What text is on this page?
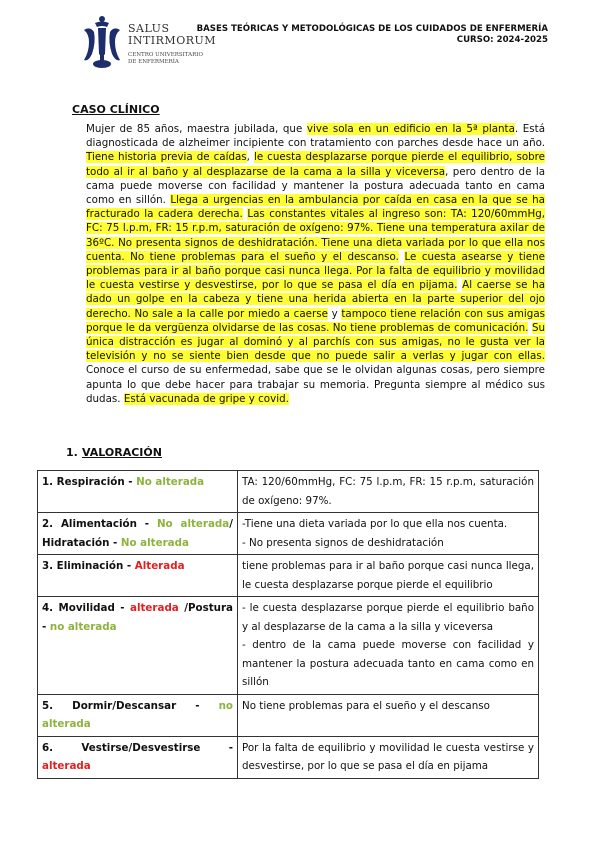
SALUS
INTIRMORUM
CENTRO UNIVERSITARIO
DE ENFERMERÍA
BASES TEÓRICAS Y METODOLÓGICAS DE LOS CUIDADOS DE ENFERMERÍA
CURSO: 2024-2025
CASO CLÍNICO
Mujer de 85 años, maestra jubilada, que vive sola en un edificio en la 5ª planta. Está diagnosticada de alzheimer incipiente con tratamiento con parches desde hace un año. Tiene historia previa de caídas, le cuesta desplazarse porque pierde el equilibrio, sobre todo al ir al baño y al desplazarse de la cama a la silla y viceversa, pero dentro de la cama puede moverse con facilidad y mantener la postura adecuada tanto en cama como en sillón. Llega a urgencias en la ambulancia por caída en casa en la que se ha fracturado la cadera derecha. Las constantes vitales al ingreso son: TA: 120/60mmHg, FC: 75 l.p.m, FR: 15 r.p.m, saturación de oxígeno: 97%. Tiene una temperatura axilar de 36ºC. No presenta signos de deshidratación. Tiene una dieta variada por lo que ella nos cuenta. No tiene problemas para el sueño y el descanso. Le cuesta asearse y tiene problemas para ir al baño porque casi nunca llega. Por la falta de equilibrio y movilidad le cuesta vestirse y desvestirse, por lo que se pasa el día en pijama. Al caerse se ha dado un golpe en la cabeza y tiene una herida abierta en la parte superior del ojo derecho. No sale a la calle por miedo a caerse y tampoco tiene relación con sus amigas porque le da vergüenza olvidarse de las cosas. No tiene problemas de comunicación. Su única distracción es jugar al dominó y al parchís con sus amigas, no le gusta ver la televisión y no se siente bien desde que no puede salir a verlas y jugar con ellas. Conoce el curso de su enfermedad, sabe que se le olvidan algunas cosas, pero siempre apunta lo que debe hacer para trabajar su memoria. Pregunta siempre al médico sus dudas. Está vacunada de gripe y covid.
1. VALORACIÓN
1. Respiración - No alterada	TA: 120/60mmHg, FC: 75 l.p.m, FR: 15 r.p.m, saturación de oxígeno: 97%.

2. Alimentación - No alterada/ Hidratación - No alterada	-Tiene una dieta variada por lo que ella nos cuenta.
- No presenta signos de deshidratación

3. Eliminación - Alterada	tiene problemas para ir al baño porque casi nunca llega, le cuesta desplazarse porque pierde el equilibrio

4. Movilidad - alterada /Postura - no alterada	- le cuesta desplazarse porque pierde el equilibrio baño y al desplazarse de la cama a la silla y viceversa
- dentro de la cama puede moverse con facilidad y mantener la postura adecuada tanto en cama como en sillón

5. Dormir/Descansar - no alterada	No tiene problemas para el sueño y el descanso

6. Vestirse/Desvestirse - alterada	Por la falta de equilibrio y movilidad le cuesta vestirse y desvestirse, por lo que se pasa el día en pijama
